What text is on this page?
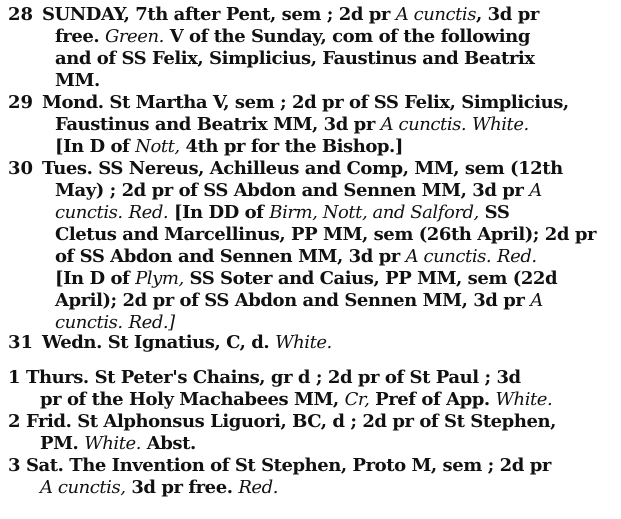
28 SUNDAY, 7th after Pent, sem ; 2d pr A cunctis, 3d pr
free. Green. V of the Sunday, com of the following
and of SS Felix, Simplicius, Faustinus and Beatrix
MM.
29 Mond. St Martha V, sem ; 2d pr of SS Felix, Simplicius,
Faustinus and Beatrix MM, 3d pr A cunctis. White.
[In D of Nott, 4th pr for the Bishop.]
30 Tues. SS Nereus, Achilleus and Comp, MM, sem (12th
May) ; 2d pr of SS Abdon and Sennen MM, 3d pr A
cunctis. Red. [In DD of Birm, Nott, and Salford, SS
Cletus and Marcellinus, PP MM, sem (26th April); 2d pr
of SS Abdon and Sennen MM, 3d pr A cunctis. Red.
[In D of Plym, SS Soter and Caius, PP MM, sem (22d
April); 2d pr of SS Abdon and Sennen MM, 3d pr A
cunctis. Red.]
31 Wedn. St Ignatius, C, d. White.
1 Thurs. St Peter's Chains, gr d ; 2d pr of St Paul ; 3d
pr of the Holy Machabees MM, Cr, Pref of App. White.
2 Frid. St Alphonsus Liguori, BC, d ; 2d pr of St Stephen,
PM. White. Abst.
3 Sat. The Invention of St Stephen, Proto M, sem ; 2d pr
A cunctis, 3d pr free. Red.
